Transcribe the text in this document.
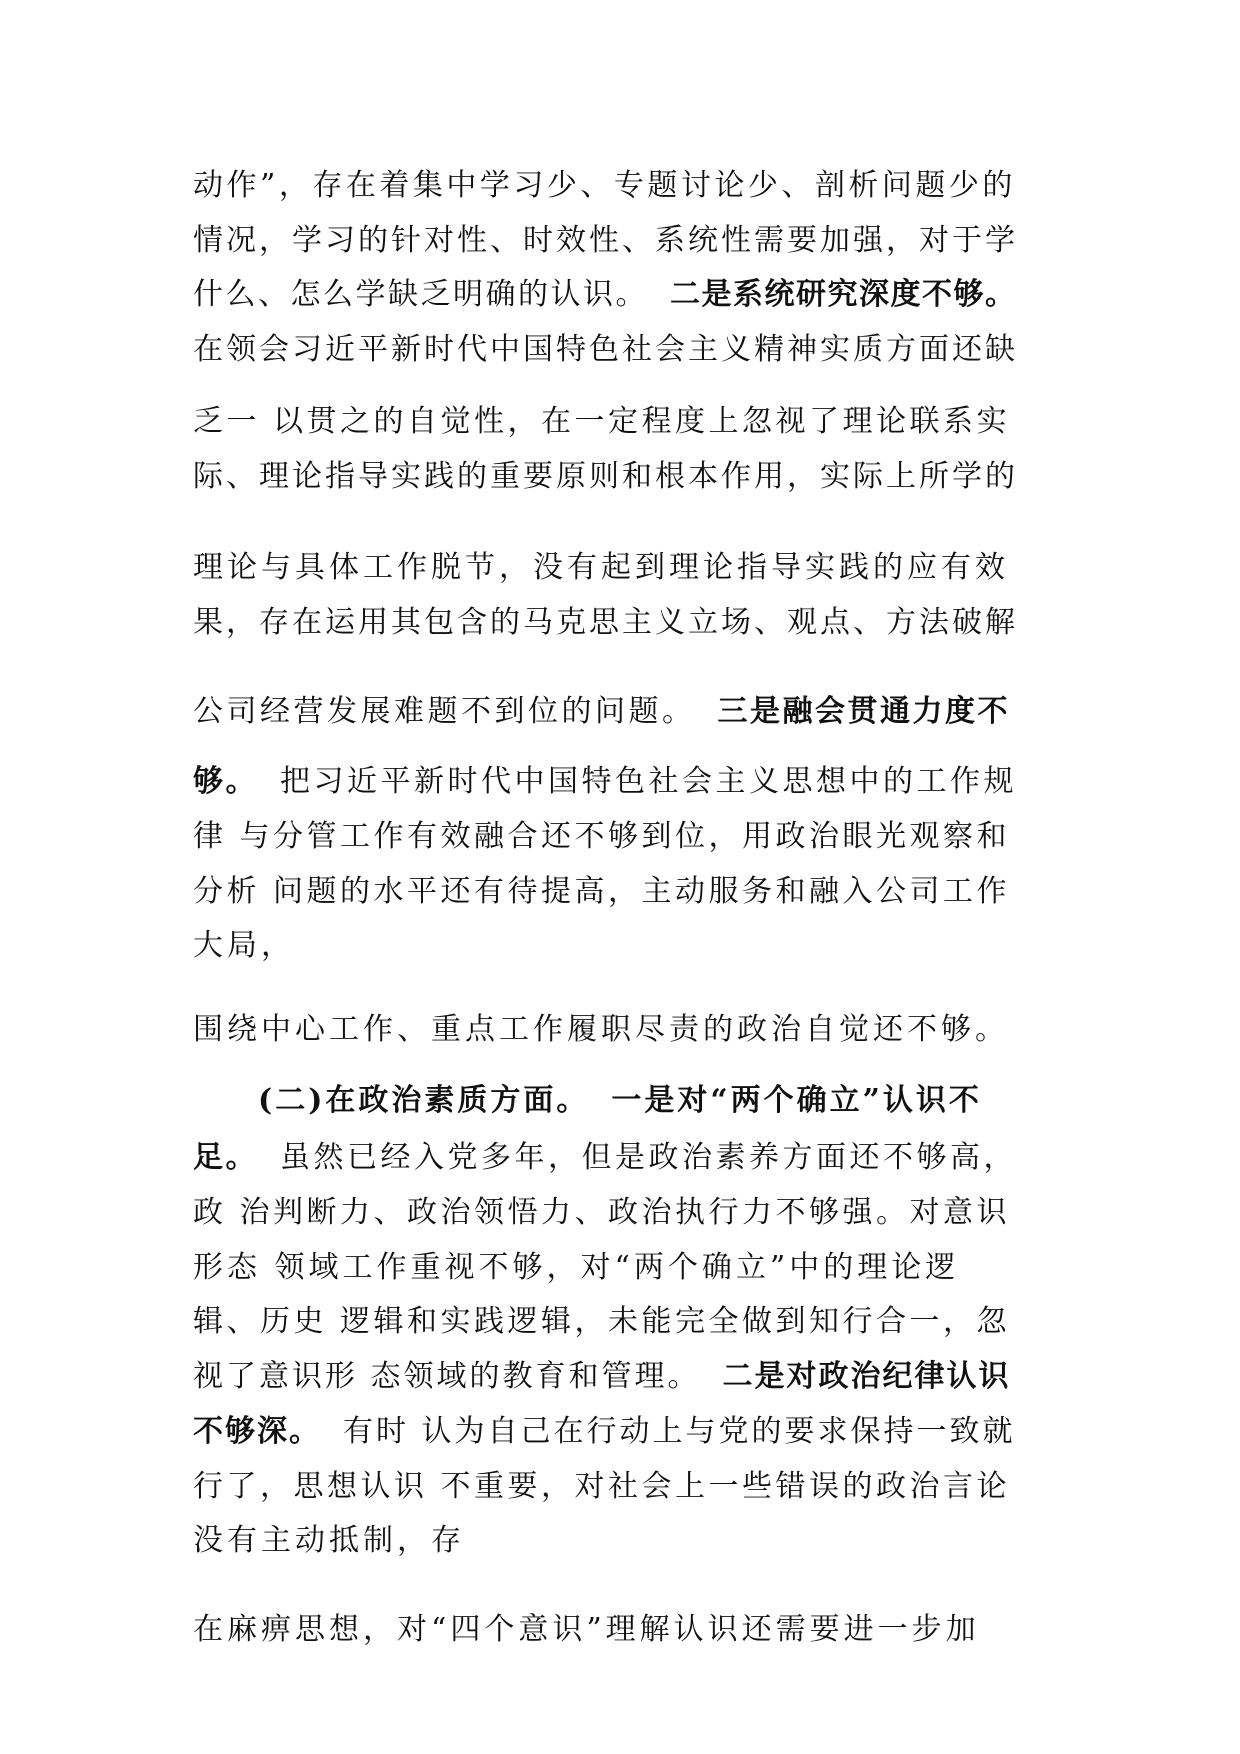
动作”，存在着集中学习少、专题讨论少、剖析问题少的
情况，学习的针对性、时效性、系统性需要加强，对于学
什么、怎么学缺乏明确的认识。 二是系统研究深度不够。
在领会习近平新时代中国特色社会主义精神实质方面还缺
乏一 以贯之的自觉性，在一定程度上忽视了理论联系实
际、理论指导实践的重要原则和根本作用，实际上所学的
理论与具体工作脱节，没有起到理论指导实践的应有效
果，存在运用其包含的马克思主义立场、观点、方法破解
公司经营发展难题不到位的问题。 三是融会贯通力度不
够。 把习近平新时代中国特色社会主义思想中的工作规
律 与分管工作有效融合还不够到位，用政治眼光观察和
分析 问题的水平还有待提高，主动服务和融入公司工作
大局，
围绕中心工作、重点工作履职尽责的政治自觉还不够。
(二)在政治素质方面。 一是对“两个确立”认识不
足。 虽然已经入党多年，但是政治素养方面还不够高，
政 治判断力、政治领悟力、政治执行力不够强。对意识
形态 领域工作重视不够，对“两个确立”中的理论逻
辑、历史 逻辑和实践逻辑，未能完全做到知行合一，忽
视了意识形 态领域的教育和管理。 二是对政治纪律认识
不够深。 有时 认为自己在行动上与党的要求保持一致就
行了，思想认识 不重要，对社会上一些错误的政治言论
没有主动抵制，存
在麻痹思想，对“四个意识”理解认识还需要进一步加
